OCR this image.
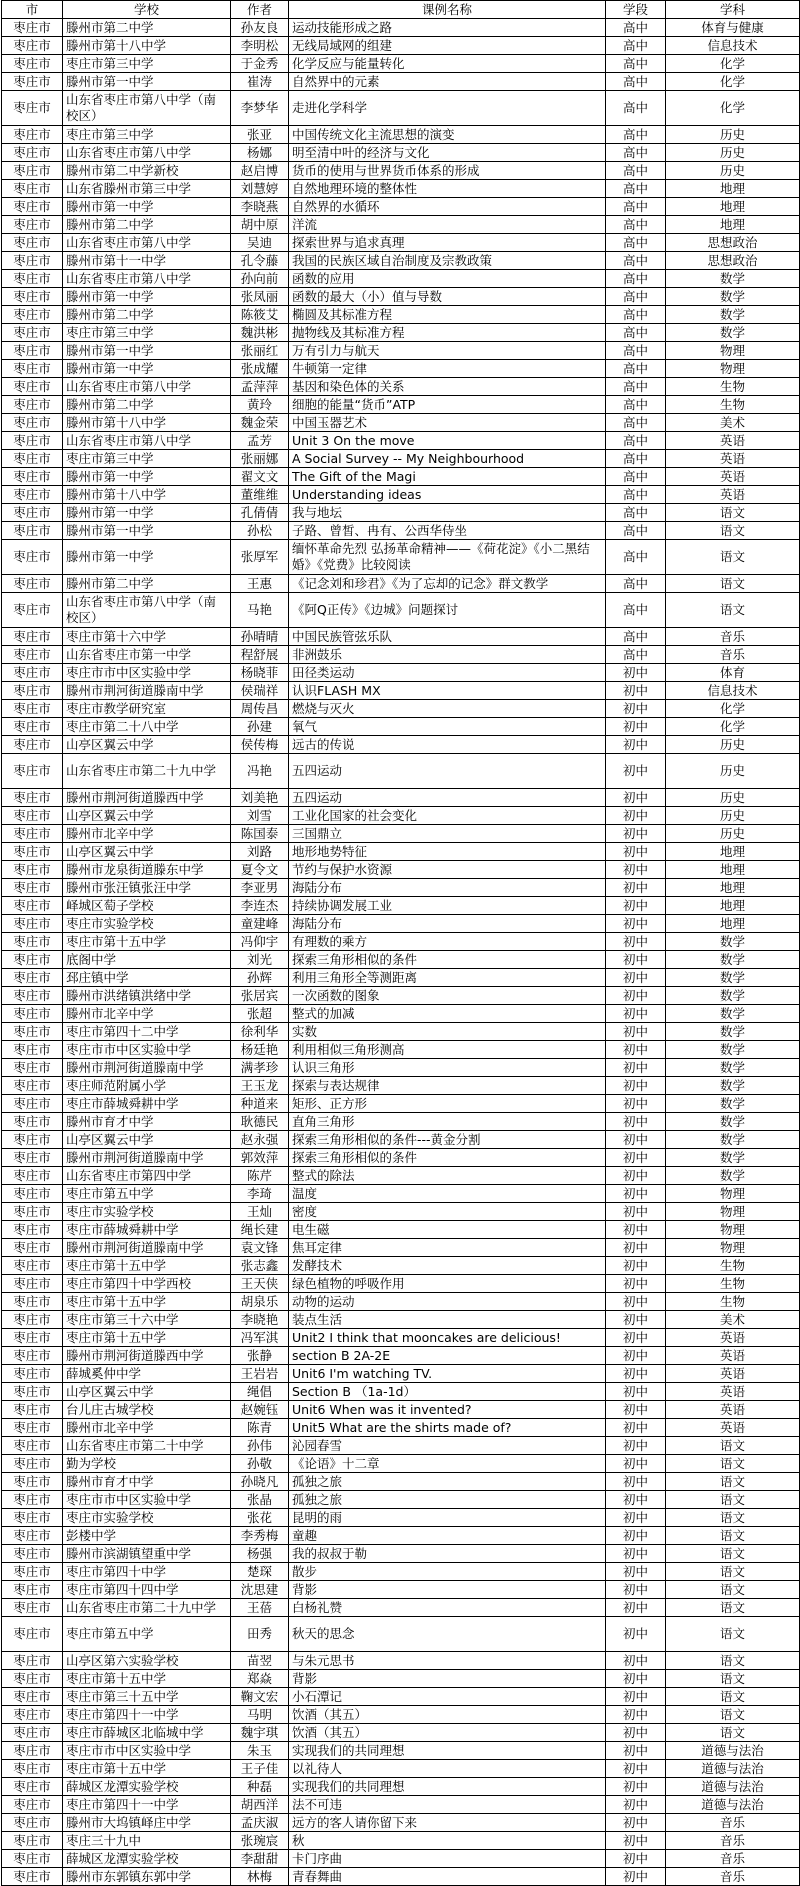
市	学校	作者	课例名称	学段	学科
枣庄市	滕州市第二中学	孙友良	运动技能形成之路	高中	体育与健康
枣庄市	滕州市第十八中学	李明松	无线局域网的组建	高中	信息技术
枣庄市	枣庄市第三中学	于金秀	化学反应与能量转化	高中	化学
枣庄市	滕州市第一中学	崔涛	自然界中的元素	高中	化学
枣庄市	山东省枣庄市第八中学（南校区）	李梦华	走进化学科学	高中	化学
枣庄市	枣庄市第三中学	张亚	中国传统文化主流思想的演变	高中	历史
枣庄市	山东省枣庄市第八中学	杨娜	明至清中叶的经济与文化	高中	历史
枣庄市	滕州市第二中学新校	赵启博	货币的使用与世界货币体系的形成	高中	历史
枣庄市	山东省滕州市第三中学	刘慧婷	自然地理环境的整体性	高中	地理
枣庄市	滕州市第一中学	李晓燕	自然界的水循环	高中	地理
枣庄市	滕州市第二中学	胡中原	洋流	高中	地理
枣庄市	山东省枣庄市第八中学	吴迪	探索世界与追求真理	高中	思想政治
枣庄市	滕州市第十一中学	孔令藤	我国的民族区域自治制度及宗教政策	高中	思想政治
枣庄市	山东省枣庄市第八中学	孙向前	函数的应用	高中	数学
枣庄市	滕州市第一中学	张凤丽	函数的最大（小）值与导数	高中	数学
枣庄市	滕州市第二中学	陈筱艾	椭圆及其标准方程	高中	数学
枣庄市	枣庄市第三中学	魏洪彬	抛物线及其标准方程	高中	数学
枣庄市	滕州市第一中学	张丽红	万有引力与航天	高中	物理
枣庄市	滕州市第一中学	张成耀	牛顿第一定律	高中	物理
枣庄市	山东省枣庄市第八中学	孟萍萍	基因和染色体的关系	高中	生物
枣庄市	滕州市第二中学	黄玲	细胞的能量“货币”ATP	高中	生物
枣庄市	滕州市第十八中学	魏金荣	中国玉器艺术	高中	美术
枣庄市	山东省枣庄市第八中学	孟芳	Unit 3 On the move	高中	英语
枣庄市	枣庄市第三中学	张丽娜	A Social Survey -- My Neighbourhood	高中	英语
枣庄市	滕州市第一中学	翟文文	The Gift of the Magi	高中	英语
枣庄市	滕州市第十八中学	董维维	Understanding ideas	高中	英语
枣庄市	滕州市第一中学	孔倩倩	我与地坛	高中	语文
枣庄市	滕州市第一中学	孙松	子路、曾皙、冉有、公西华侍坐	高中	语文
枣庄市	滕州市第一中学	张厚军	缅怀革命先烈 弘扬革命精神——《荷花淀》《小二黑结婚》《党费》比较阅读	高中	语文
枣庄市	滕州市第二中学	王惠	《记念刘和珍君》《为了忘却的记念》群文教学	高中	语文
枣庄市	山东省枣庄市第八中学（南校区）	马艳	《阿Q正传》《边城》问题探讨	高中	语文
枣庄市	枣庄市第十六中学	孙晴晴	中国民族管弦乐队	高中	音乐
枣庄市	山东省枣庄市第一中学	程舒展	非洲鼓乐	高中	音乐
枣庄市	枣庄市市中区实验中学	杨晓菲	田径类运动	初中	体育
枣庄市	滕州市荆河街道滕南中学	侯瑞祥	认识FLASH MX	初中	信息技术
枣庄市	枣庄市教学研究室	周传昌	燃烧与灭火	初中	化学
枣庄市	枣庄市第二十八中学	孙建	氧气	初中	化学
枣庄市	山亭区翼云中学	侯传梅	远古的传说	初中	历史
枣庄市	山东省枣庄市第二十九中学	冯艳	五四运动	初中	历史
枣庄市	滕州市荆河街道滕西中学	刘美艳	五四运动	初中	历史
枣庄市	山亭区翼云中学	刘雪	工业化国家的社会变化	初中	历史
枣庄市	滕州市北辛中学	陈国泰	三国鼎立	初中	历史
枣庄市	山亭区翼云中学	刘路	地形地势特征	初中	地理
枣庄市	滕州市龙泉街道滕东中学	夏令文	节约与保护水资源	初中	地理
枣庄市	滕州市张汪镇张汪中学	李亚男	海陆分布	初中	地理
枣庄市	峄城区萄子学校	李连杰	持续协调发展工业	初中	地理
枣庄市	枣庄市实验学校	童建峰	海陆分布	初中	地理
枣庄市	枣庄市第十五中学	冯仰宇	有理数的乘方	初中	数学
枣庄市	底阁中学	刘光	探索三角形相似的条件	初中	数学
枣庄市	邳庄镇中学	孙辉	利用三角形全等测距离	初中	数学
枣庄市	滕州市洪绪镇洪绪中学	张居宾	一次函数的图象	初中	数学
枣庄市	滕州市北辛中学	张超	整式的加减	初中	数学
枣庄市	枣庄市第四十二中学	徐利华	实数	初中	数学
枣庄市	枣庄市市中区实验中学	杨廷艳	利用相似三角形测高	初中	数学
枣庄市	滕州市荆河街道滕南中学	满孝珍	认识三角形	初中	数学
枣庄市	枣庄师范附属小学	王玉龙	探索与表达规律	初中	数学
枣庄市	枣庄市薛城舜耕中学	种道来	矩形、正方形	初中	数学
枣庄市	滕州市育才中学	耿德民	直角三角形	初中	数学
枣庄市	山亭区翼云中学	赵永强	探索三角形相似的条件---黄金分割	初中	数学
枣庄市	滕州市荆河街道滕南中学	郭效萍	探索三角形相似的条件	初中	数学
枣庄市	山东省枣庄市第四中学	陈芹	整式的除法	初中	数学
枣庄市	枣庄市第五中学	李琦	温度	初中	物理
枣庄市	枣庄市实验学校	王灿	密度	初中	物理
枣庄市	枣庄市薛城舜耕中学	绳长建	电生磁	初中	物理
枣庄市	滕州市荆河街道滕南中学	袁文锋	焦耳定律	初中	物理
枣庄市	枣庄市第十五中学	张志鑫	发酵技术	初中	生物
枣庄市	枣庄市第四十中学西校	王天侠	绿色植物的呼吸作用	初中	生物
枣庄市	枣庄市第十五中学	胡泉乐	动物的运动	初中	生物
枣庄市	枣庄市第三十六中学	李晓艳	装点生活	初中	美术
枣庄市	枣庄市第十五中学	冯军淇	Unit2 I think that mooncakes are delicious!	初中	英语
枣庄市	滕州市荆河街道滕西中学	张静	section B 2A-2E	初中	英语
枣庄市	薛城奚仲中学	王岩岩	Unit6 I'm watching TV.	初中	英语
枣庄市	山亭区翼云中学	绳倡	Section B （1a-1d）	初中	英语
枣庄市	台儿庄古城学校	赵婉钰	Unit6 When was it invented?	初中	英语
枣庄市	滕州市北辛中学	陈青	Unit5 What are the shirts made of?	初中	英语
枣庄市	山东省枣庄市第二十中学	孙伟	沁园春雪	初中	语文
枣庄市	勤为学校	孙敬	《论语》十二章	初中	语文
枣庄市	滕州市育才中学	孙晓凡	孤独之旅	初中	语文
枣庄市	枣庄市市中区实验中学	张晶	孤独之旅	初中	语文
枣庄市	枣庄市实验学校	张花	昆明的雨	初中	语文
枣庄市	彭楼中学	李秀梅	童趣	初中	语文
枣庄市	滕州市滨湖镇望重中学	杨强	我的叔叔于勒	初中	语文
枣庄市	枣庄市第四十中学	楚琛	散步	初中	语文
枣庄市	枣庄市第四十四中学	沈思建	背影	初中	语文
枣庄市	山东省枣庄市第二十九中学	王蓓	白杨礼赞	初中	语文
枣庄市	枣庄市第五中学	田秀	秋天的思念	初中	语文
枣庄市	山亭区第六实验学校	苗翌	与朱元思书	初中	语文
枣庄市	枣庄市第十五中学	郑焱	背影	初中	语文
枣庄市	枣庄市第三十五中学	鞠文宏	小石潭记	初中	语文
枣庄市	枣庄市第四十一中学	马明	饮酒（其五）	初中	语文
枣庄市	枣庄市薛城区北临城中学	魏宇琪	饮酒（其五）	初中	语文
枣庄市	枣庄市市中区实验中学	朱玉	实现我们的共同理想	初中	道德与法治
枣庄市	枣庄市第十五中学	王子佳	以礼待人	初中	道德与法治
枣庄市	薛城区龙潭实验学校	种磊	实现我们的共同理想	初中	道德与法治
枣庄市	枣庄市第四十一中学	胡西洋	法不可违	初中	道德与法治
枣庄市	滕州市大坞镇峄庄中学	孟庆淑	远方的客人请你留下来	初中	音乐
枣庄市	枣庄三十九中	张琬宸	秋	初中	音乐
枣庄市	薛城区龙潭实验学校	李甜甜	卡门序曲	初中	音乐
枣庄市	滕州市东郭镇东郭中学	林梅	青春舞曲	初中	音乐
